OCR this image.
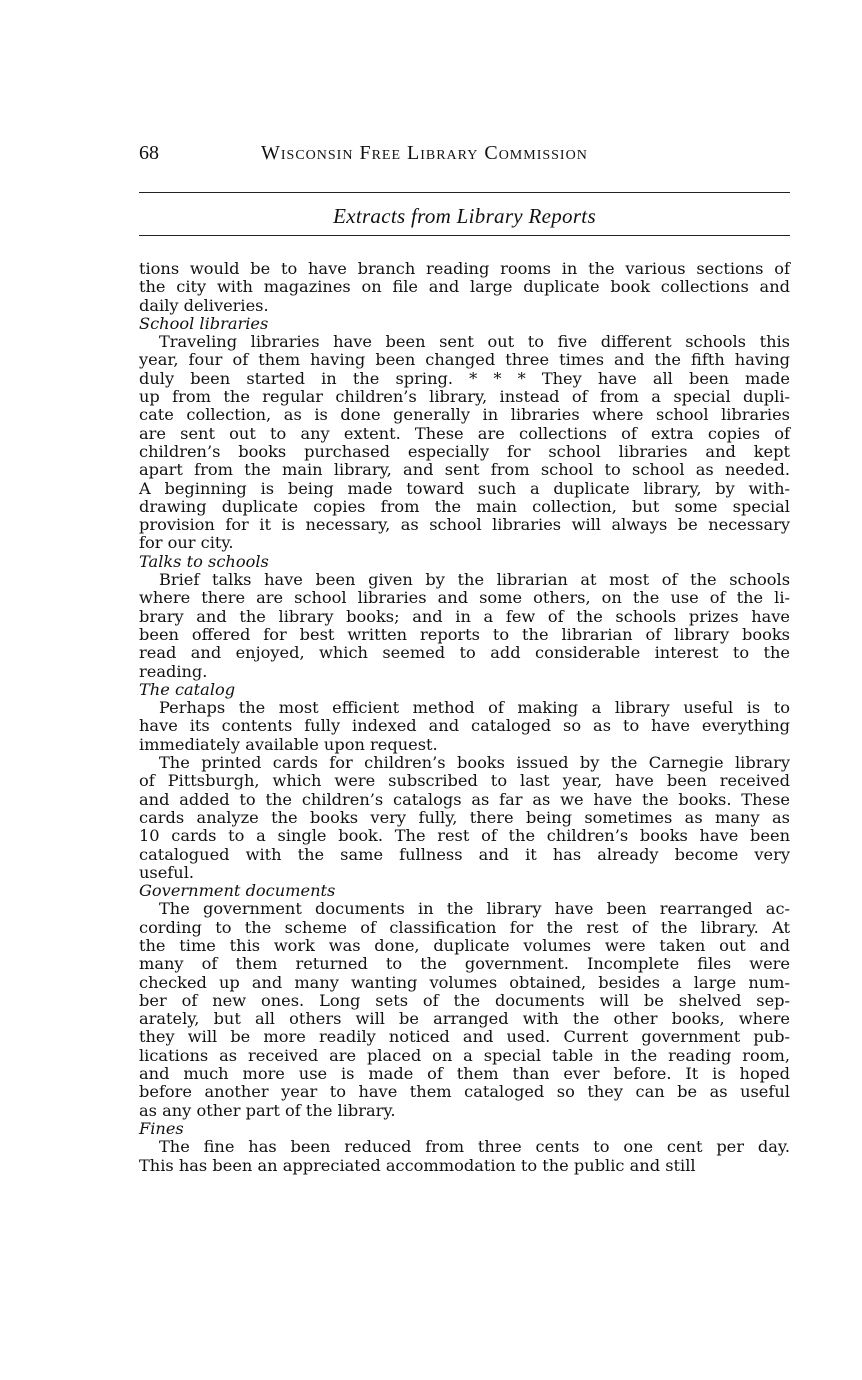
68	Wisconsin Free Library Commission
Extracts from Library Reports

tions would be to have branch reading rooms in the various sections of

the city with magazines on file and large duplicate book collections and

daily deliveries.

School libraries

Traveling libraries have been sent out to five different schools this

year, four of them having been changed three times and the fifth having

duly been started in the spring. * * * They have all been made

up from the regular children’s library, instead of from a special dupli-

cate collection, as is done generally in libraries where school libraries

are sent out to any extent. These are collections of extra copies of

children’s books purchased especially for school libraries and kept

apart from the main library, and sent from school to school as needed.

A beginning is being made toward such a duplicate library, by with-

drawing duplicate copies from the main collection, but some special

provision for it is necessary, as school libraries will always be necessary

for our city.

Talks to schools

Brief talks have been given by the librarian at most of the schools

where there are school libraries and some others, on the use of the li-

brary and the library books; and in a few of the schools prizes have

been offered for best written reports to the librarian of library books

read and enjoyed, which seemed to add considerable interest to the

reading.

The catalog

Perhaps the most efficient method of making a library useful is to

have its contents fully indexed and cataloged so as to have everything

immediately available upon request.

The printed cards for children’s books issued by the Carnegie library

of Pittsburgh, which were subscribed to last year, have been received

and added to the children’s catalogs as far as we have the books. These

cards analyze the books very fully, there being sometimes as many as

10 cards to a single book. The rest of the children’s books have been

catalogued with the same fullness and it has already become very

useful.

Government documents

The government documents in the library have been rearranged ac-

cording to the scheme of classification for the rest of the library. At

the time this work was done, duplicate volumes were taken out and

many of them returned to the government. Incomplete files were

checked up and many wanting volumes obtained, besides a large num-

ber of new ones. Long sets of the documents will be shelved sep-

arately, but all others will be arranged with the other books, where

they will be more readily noticed and used. Current government pub-

lications as received are placed on a special table in the reading room,

and much more use is made of them than ever before. It is hoped

before another year to have them cataloged so they can be as useful

as any other part of the library.

Fines

The fine has been reduced from three cents to one cent per day.

This has been an appreciated accommodation to the public and still
